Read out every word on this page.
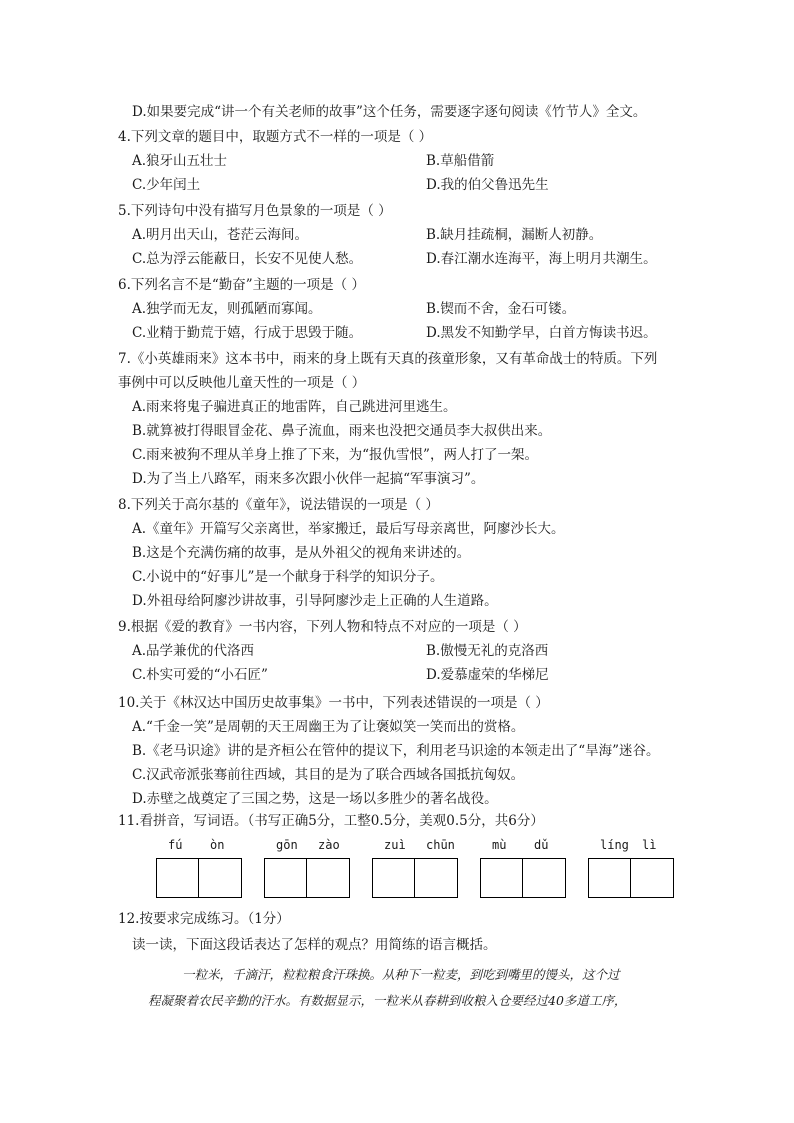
D.如果要完成“讲一个有关老师的故事”这个任务，需要逐字逐句阅读《竹节人》全文。
4.下列文章的题目中，取题方式不一样的一项是（ ）
A.狼牙山五壮士	B.草船借箭
C.少年闰土	D.我的伯父鲁迅先生
5.下列诗句中没有描写月色景象的一项是（ ）
A.明月出天山，苍茫云海间。	B.缺月挂疏桐，漏断人初静。
C.总为浮云能蔽日，长安不见使人愁。	D.春江潮水连海平，海上明月共潮生。
6.下列名言不是“勤奋”主题的一项是（ ）
A.独学而无友，则孤陋而寡闻。	B.锲而不舍，金石可镂。
C.业精于勤荒于嬉，行成于思毁于随。	D.黑发不知勤学早，白首方悔读书迟。
7.《小英雄雨来》这本书中，雨来的身上既有天真的孩童形象，又有革命战士的特质。下列
事例中可以反映他儿童天性的一项是（ ）
A.雨来将鬼子骗进真正的地雷阵，自己跳进河里逃生。
B.就算被打得眼冒金花、鼻子流血，雨来也没把交通员李大叔供出来。
C.雨来被狗不理从羊身上推了下来，为“报仇雪恨”，两人打了一架。
D.为了当上八路军，雨来多次跟小伙伴一起搞“军事演习”。
8.下列关于高尔基的《童年》，说法错误的一项是（ ）
A.《童年》开篇写父亲离世，举家搬迁，最后写母亲离世，阿廖沙长大。
B.这是个充满伤痛的故事，是从外祖父的视角来讲述的。
C.小说中的“好事儿”是一个献身于科学的知识分子。
D.外祖母给阿廖沙讲故事，引导阿廖沙走上正确的人生道路。
9.根据《爱的教育》一书内容，下列人物和特点不对应的一项是（ ）
A.品学兼优的代洛西	B.傲慢无礼的克洛西
C.朴实可爱的“小石匠”	D.爱慕虚荣的华梯尼
10.关于《林汉达中国历史故事集》一书中，下列表述错误的一项是（ ）
A.“千金一笑”是周朝的天王周幽王为了让褒姒笑一笑而出的赏格。
B.《老马识途》讲的是齐桓公在管仲的提议下，利用老马识途的本领走出了“旱海”迷谷。
C.汉武帝派张骞前往西域，其目的是为了联合西域各国抵抗匈奴。
D.赤壁之战奠定了三国之势，这是一场以多胜少的著名战役。
11.看拼音，写词语。（书写正确5分，工整0.5分，美观0.5分，共6分）
12.按要求完成练习。（1分）
读一读，下面这段话表达了怎样的观点？用简练的语言概括。
一粒米，千滴汗，粒粒粮食汗珠换。从种下一粒麦，到吃到嘴里的馒头，这个过
程凝聚着农民辛勤的汗水。有数据显示，一粒米从春耕到收粮入仓要经过40多道工序，
fú òn	gōn zào	zuì chūn	mù dǔ	líng lì
